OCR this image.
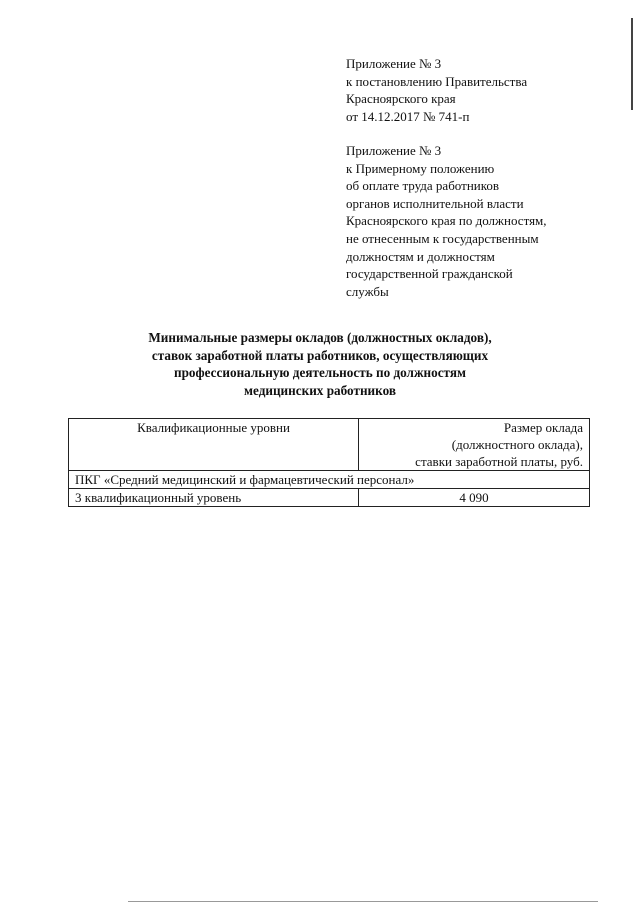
Приложение № 3
к постановлению Правительства
Красноярского края
от 14.12.2017 № 741-п
Приложение № 3
к Примерному положению
об оплате труда работников
органов исполнительной власти
Красноярского края по должностям,
не отнесенным к государственным
должностям и должностям
государственной гражданской
службы
Минимальные размеры окладов (должностных окладов),
ставок заработной платы работников, осуществляющих
профессиональную деятельность по должностям
медицинских работников
Квалификационные уровни	Размер оклада
(должностного оклада),
ставки заработной платы, руб.

ПКГ «Средний медицинский и фармацевтический персонал»	
3 квалификационный уровень	4 090
